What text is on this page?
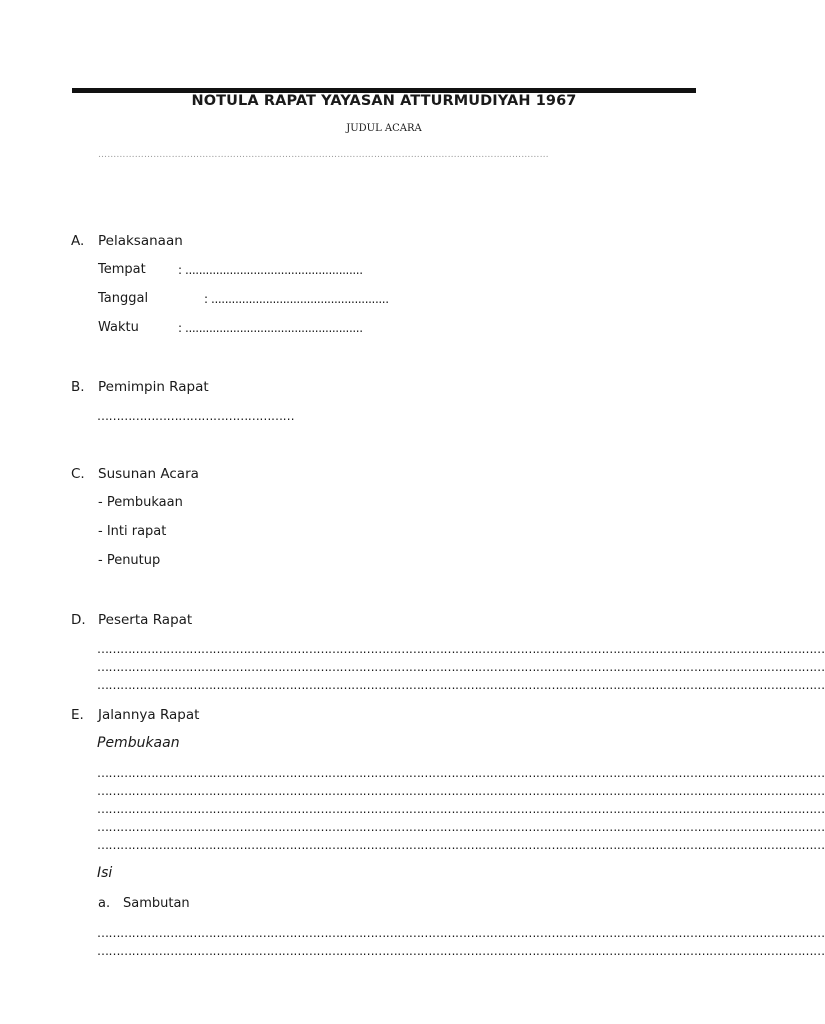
NOTULA RAPAT YAYASAN ATTURMUDIYAH 1967
JUDUL ACARA
…………………………………………………………………………………………………………………………………
A. Pelaksanaan
Tempat	: ....................................................
Tanggal	: ....................................................
Waktu	: ....................................................
B. Pemimpin Rapat
……………………………………………
C. Susunan Acara
- Pembukaan
- Inti rapat
- Penutup
D. Peserta Rapat
………………………………………………………………………………………………………………………………………………………………………
………………………………………………………………………………………………………………………………………………………………………
………………………………………………………………………………………………………………………………………………………………………
E. Jalannya Rapat
Pembukaan
………………………………………………………………………………………………………………………………………………………………………
………………………………………………………………………………………………………………………………………………………………………
………………………………………………………………………………………………………………………………………………………………………
………………………………………………………………………………………………………………………………………………………………………
………………………………………………………………………………………………………………………………………………………………………
Isi
a. Sambutan
………………………………………………………………………………………………………………………………………………………………………
………………………………………………………………………………………………………………………………………………………………………
